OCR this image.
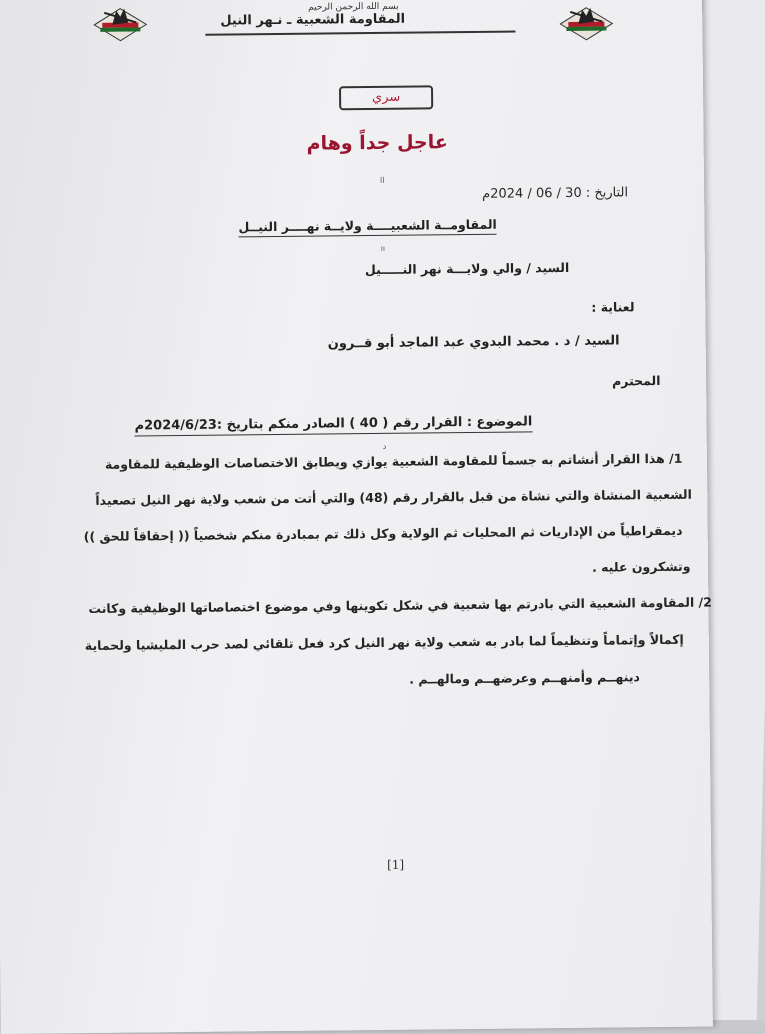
بسم الله الرحمن الرحيم
المقاومة الشعبية ـ نـهر النيل
سري
عاجل جداً وهام
ll
التاريخ : 30 / 06 / 2024م
المقاومــة الشعبيــــة ولايــة نهــــر النيــل
ıı
السيد / والي ولايـــة نهر النـــــيل
لعناية :
السيد / د . محمد البدوي عبد الماجد أبو قــرون
المحترم
الموضوع : القرار رقم ( 40 ) الصادر منكم بتاريخ :2024/6/23م
ﺩ
1/ هذا القرار أنشاتم به جسماً للمقاومة الشعبية يوازي ويطابق الاختصاصات الوظيفية للمقاومة
الشعبية المنشاة والتي نشاة من قبل بالقرار رقم (48) والتي أتت من شعب ولاية نهر النيل تصعيداً
ديمقراطياً من الإداريات ثم المحليات ثم الولاية وكل ذلك تم بمبادرة منكم شخصياً (( إحقاقاً للحق ))
وتشكرون عليه .
2/ المقاومة الشعبية التي بادرتم بها شعبية في شكل تكوينها وفي موضوع اختصاصاتها الوظيفية وكانت
إكمالاً وإتماماً وتنظيماً لما بادر به شعب ولاية نهر النيل كرد فعل تلقائي لصد حرب المليشيا ولحماية
دينهــم وأمنهــم وعرضهــم ومالهــم .
[1]
